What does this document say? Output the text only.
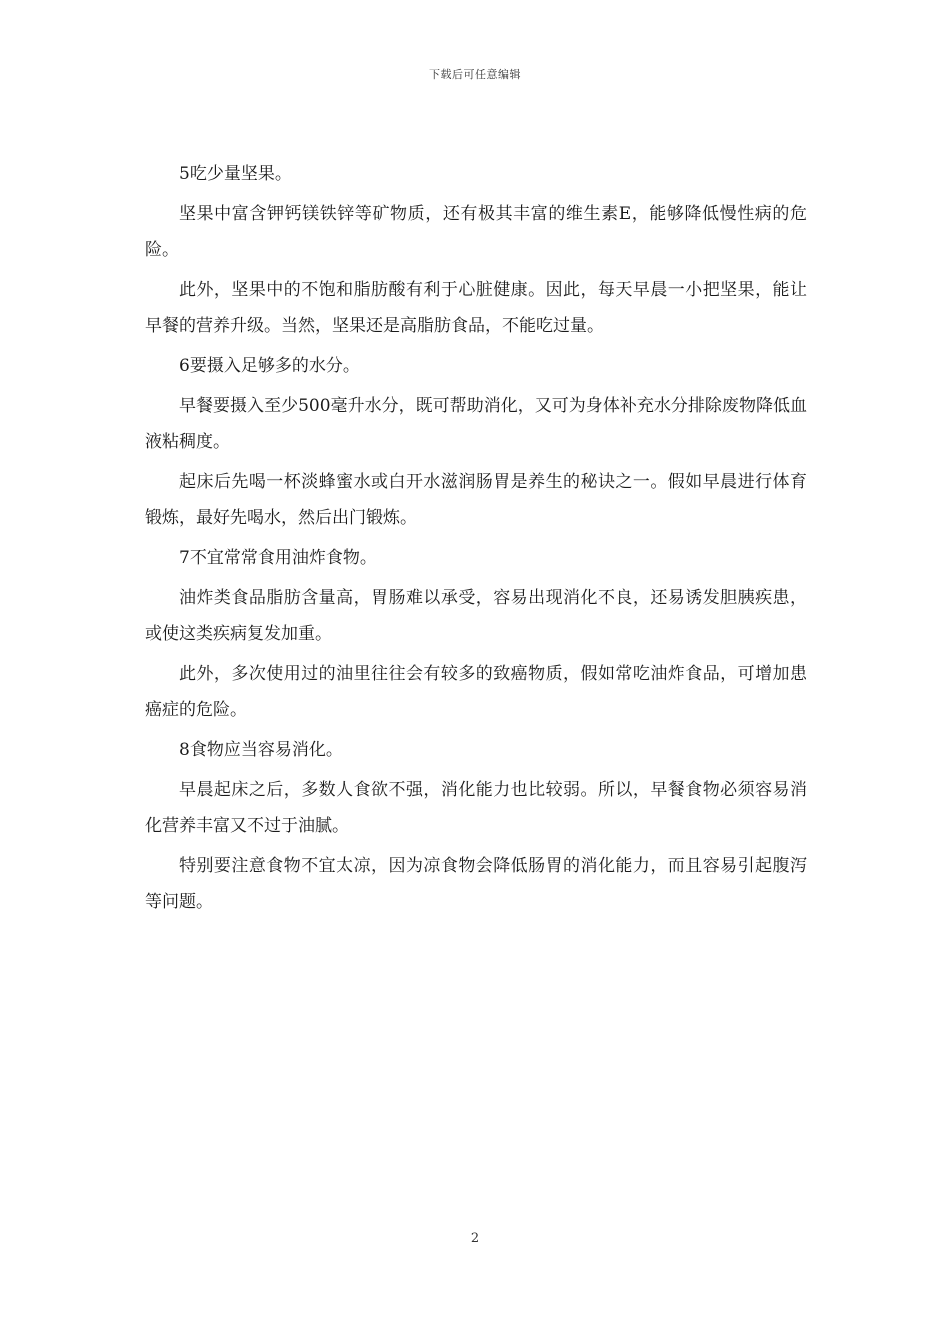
下载后可任意编辑

5吃少量坚果。

坚果中富含钾钙镁铁锌等矿物质，还有极其丰富的维生素E，能够降低慢性病的危险。

此外，坚果中的不饱和脂肪酸有利于心脏健康。因此，每天早晨一小把坚果，能让早餐的营养升级。当然，坚果还是高脂肪食品，不能吃过量。

6要摄入足够多的水分。

早餐要摄入至少500毫升水分，既可帮助消化，又可为身体补充水分排除废物降低血液粘稠度。

起床后先喝一杯淡蜂蜜水或白开水滋润肠胃是养生的秘诀之一。假如早晨进行体育锻炼，最好先喝水，然后出门锻炼。

7不宜常常食用油炸食物。

油炸类食品脂肪含量高，胃肠难以承受，容易出现消化不良，还易诱发胆胰疾患，或使这类疾病复发加重。

此外，多次使用过的油里往往会有较多的致癌物质，假如常吃油炸食品，可增加患癌症的危险。

8食物应当容易消化。

早晨起床之后，多数人食欲不强，消化能力也比较弱。所以，早餐食物必须容易消化营养丰富又不过于油腻。

特别要注意食物不宜太凉，因为凉食物会降低肠胃的消化能力，而且容易引起腹泻等问题。

2
